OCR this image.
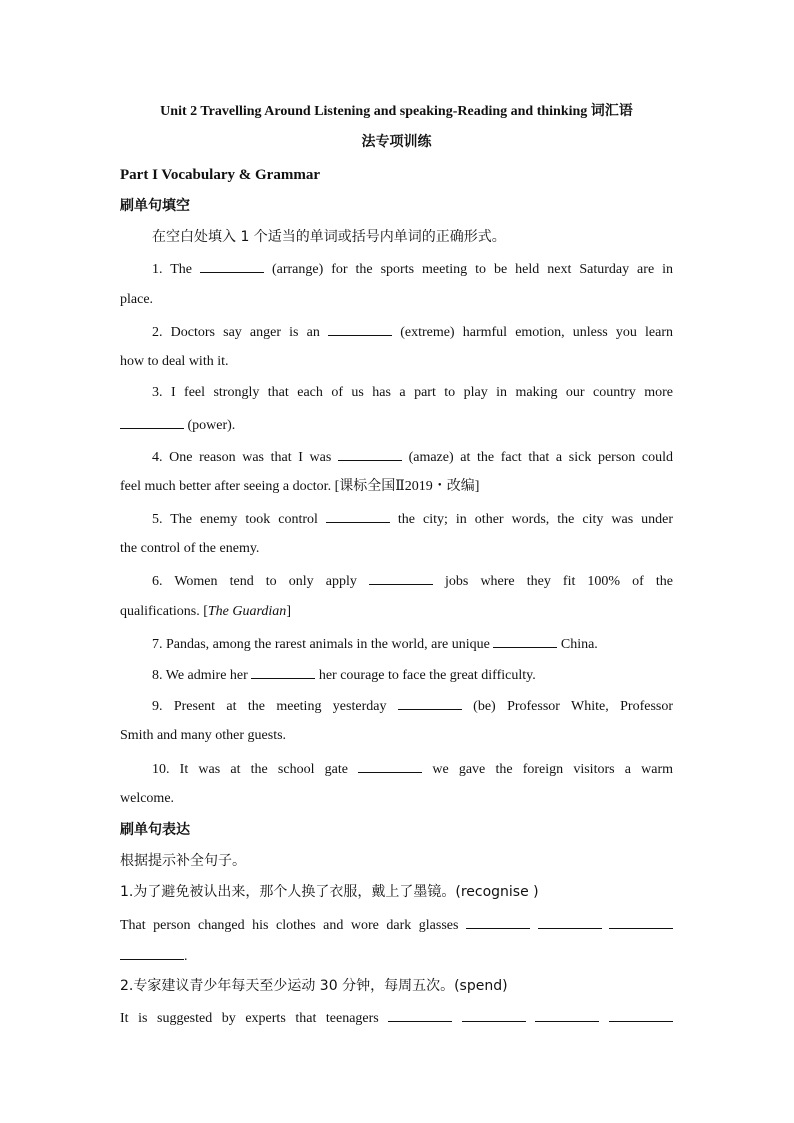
Unit 2 Travelling Around Listening and speaking-Reading and thinking 词汇语
法专项训练
Part I Vocabulary & Grammar
刷单句填空
在空白处填入 1 个适当的单词或括号内单词的正确形式。
1. The	(arrange) for the sports meeting to be held next Saturday are in
place.
2. Doctors say anger is an	(extreme) harmful emotion, unless you learn
how to deal with it.
3. I feel strongly that each of us has a part to play in making our country more
(power).
4. One reason was that I was	(amaze) at the fact that a sick person could
feel much better after seeing a doctor. [课标全国Ⅱ2019・改编]
5. The enemy took control	the city; in other words, the city was under
the control of the enemy.
6. Women tend to only apply	jobs where they fit 100% of the
qualifications. [The Guardian]
7. Pandas, among the rarest animals in the world, are unique	China.
8. We admire her	her courage to face the great difficulty.
9. Present at the meeting yesterday	(be) Professor White, Professor
Smith and many other guests.
10. It was at the school gate	we gave the foreign visitors a warm
welcome.
刷单句表达
根据提示补全句子。
1.为了避免被认出来，那个人换了衣服，戴上了墨镜。(recognise )
That person changed his clothes and wore dark glasses
.
2.专家建议青少年每天至少运动 30 分钟，每周五次。(spend)
It is suggested by experts that teenagers
